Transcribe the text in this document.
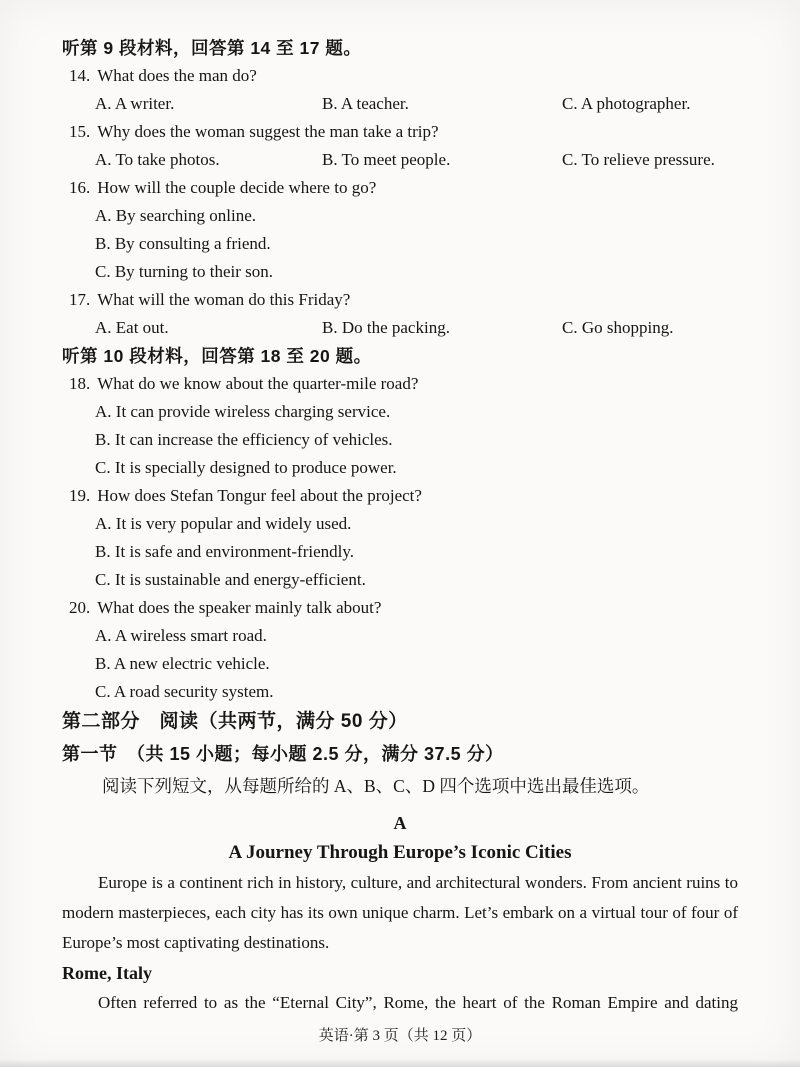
听第 9 段材料，回答第 14 至 17 题。
14. What does the man do?
A. A writer.	B. A teacher.	C. A photographer.
15. Why does the woman suggest the man take a trip?
A. To take photos.	B. To meet people.	C. To relieve pressure.
16. How will the couple decide where to go?
A. By searching online.
B. By consulting a friend.
C. By turning to their son.
17. What will the woman do this Friday?
A. Eat out.	B. Do the packing.	C. Go shopping.
听第 10 段材料，回答第 18 至 20 题。
18. What do we know about the quarter-mile road?
A. It can provide wireless charging service.
B. It can increase the efficiency of vehicles.
C. It is specially designed to produce power.
19. How does Stefan Tongur feel about the project?
A. It is very popular and widely used.
B. It is safe and environment-friendly.
C. It is sustainable and energy-efficient.
20. What does the speaker mainly talk about?
A. A wireless smart road.
B. A new electric vehicle.
C. A road security system.
第二部分　阅读（共两节，满分 50 分）
第一节　（共 15 小题；每小题 2.5 分，满分 37.5 分）
阅读下列短文，从每题所给的 A、B、C、D 四个选项中选出最佳选项。
A
A Journey Through Europe’s Iconic Cities
Europe is a continent rich in history, culture, and architectural wonders. From ancient ruins to modern masterpieces, each city has its own unique charm. Let’s embark on a virtual tour of four of Europe’s most captivating destinations.
Rome, Italy
Often referred to as the “Eternal City”, Rome, the heart of the Roman Empire and dating
英语·第 3 页（共 12 页）
